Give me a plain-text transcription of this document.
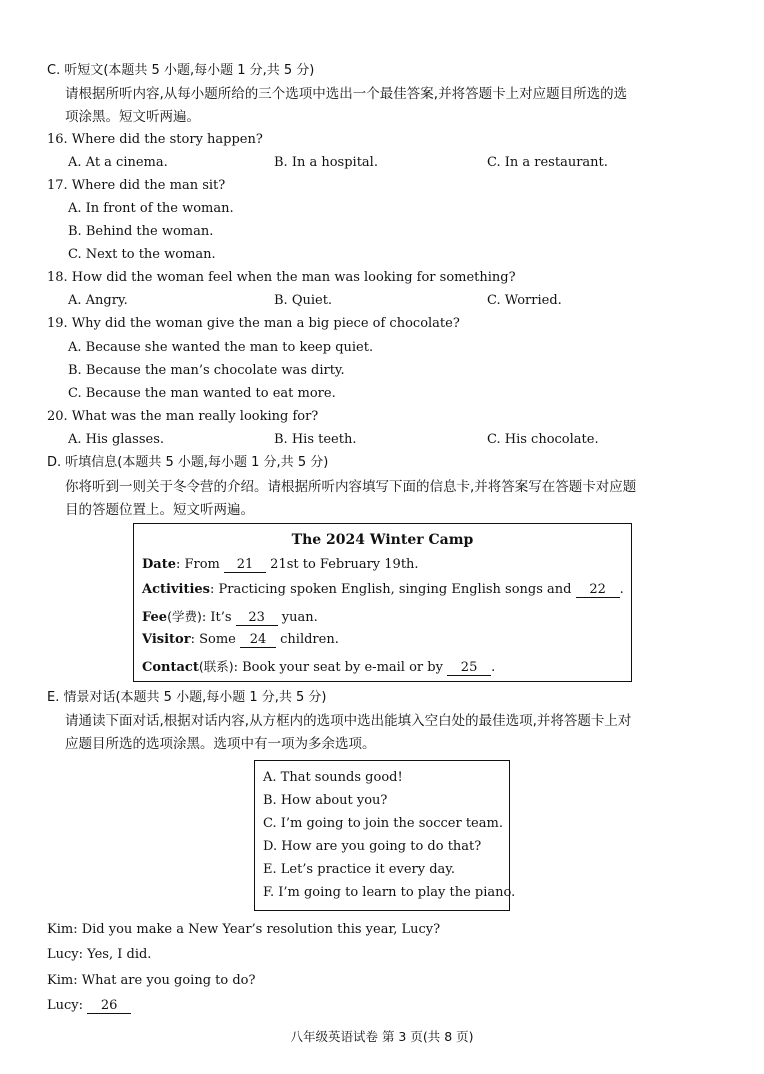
C. 听短文(本题共 5 小题,每小题 1 分,共 5 分)
请根据所听内容,从每小题所给的三个选项中选出一个最佳答案,并将答题卡上对应题目所选的选
项涂黑。短文听两遍。
16. Where did the story happen?
A. At a cinema.	B. In a hospital.	C. In a restaurant.
17. Where did the man sit?
A. In front of the woman.
B. Behind the woman.
C. Next to the woman.
18. How did the woman feel when the man was looking for something?
A. Angry.	B. Quiet.	C. Worried.
19. Why did the woman give the man a big piece of chocolate?
A. Because she wanted the man to keep quiet.
B. Because the man’s chocolate was dirty.
C. Because the man wanted to eat more.
20. What was the man really looking for?
A. His glasses.	B. His teeth.	C. His chocolate.
D. 听填信息(本题共 5 小题,每小题 1 分,共 5 分)
你将听到一则关于冬令营的介绍。请根据所听内容填写下面的信息卡,并将答案写在答题卡对应题
目的答题位置上。短文听两遍。
The 2024 Winter Camp
Date: From 21 21st to February 19th.
Activities: Practicing spoken English, singing English songs and 22 .
Fee(学费): It’s 23 yuan.
Visitor: Some 24 children.
Contact(联系): Book your seat by e-mail or by 25 .
E. 情景对话(本题共 5 小题,每小题 1 分,共 5 分)
请通读下面对话,根据对话内容,从方框内的选项中选出能填入空白处的最佳选项,并将答题卡上对
应题目所选的选项涂黑。选项中有一项为多余选项。
A. That sounds good!
B. How about you?
C. I’m going to join the soccer team.
D. How are you going to do that?
E. Let’s practice it every day.
F. I’m going to learn to play the piano.
Kim: Did you make a New Year’s resolution this year, Lucy?
Lucy: Yes, I did.
Kim: What are you going to do?
Lucy: 26
八年级英语试卷 第 3 页(共 8 页)
